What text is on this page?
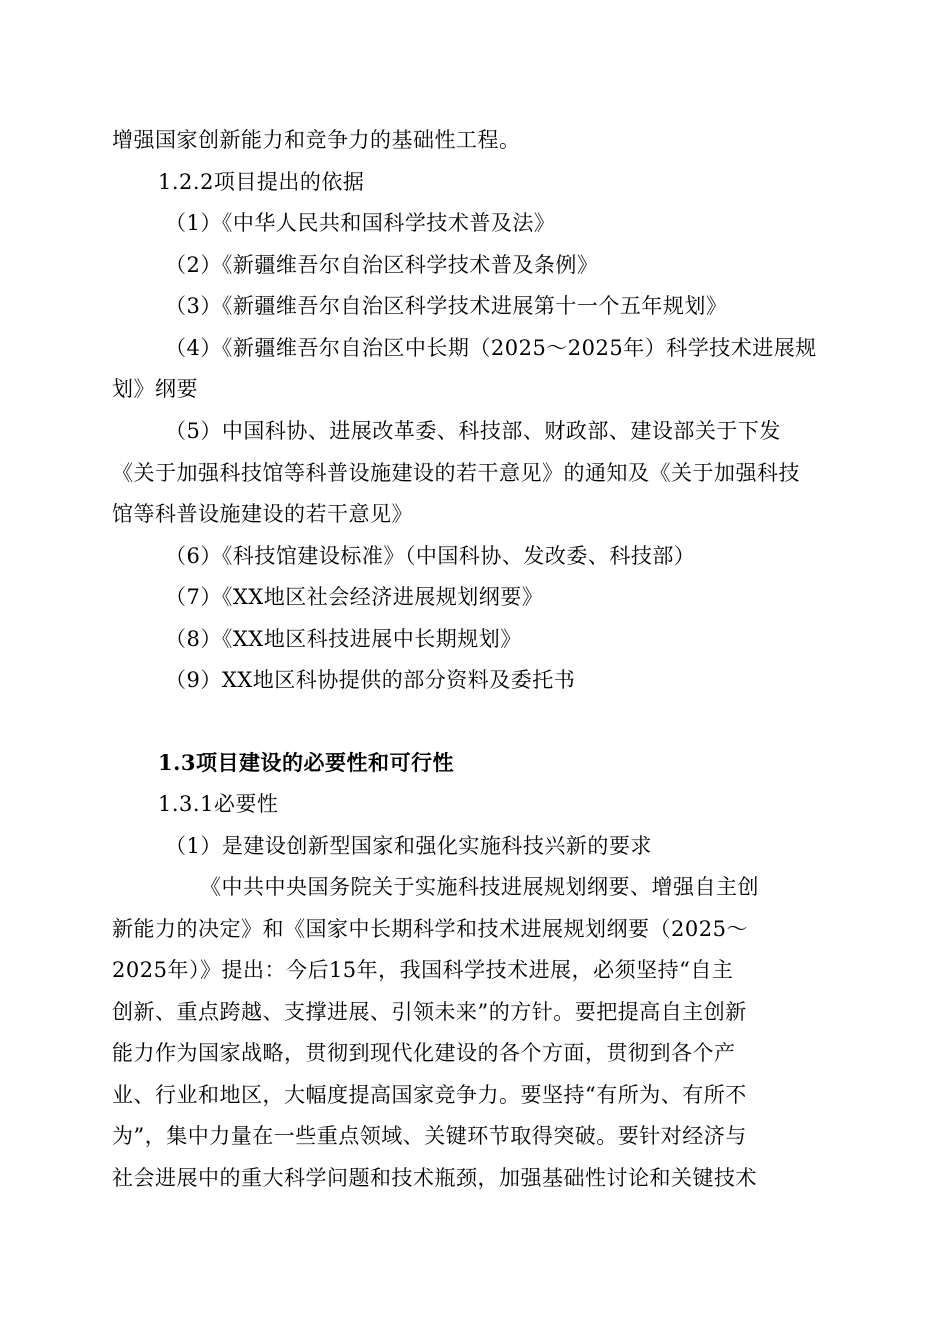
增强国家创新能力和竞争力的基础性工程。
1.2.2项目提出的依据
（1）《中华人民共和国科学技术普及法》
（2）《新疆维吾尔自治区科学技术普及条例》
（3）《新疆维吾尔自治区科学技术进展第十一个五年规划》
（4）《新疆维吾尔自治区中长期（2025～2025年）科学技术进展规
划》纲要
（5）中国科协、进展改革委、科技部、财政部、建设部关于下发
《关于加强科技馆等科普设施建设的若干意见》的通知及《关于加强科技
馆等科普设施建设的若干意见》
（6）《科技馆建设标准》（中国科协、发改委、科技部）
（7）《XX地区社会经济进展规划纲要》
（8）《XX地区科技进展中长期规划》
（9）XX地区科协提供的部分资料及委托书
1.3项目建设的必要性和可行性
1.3.1必要性
（1）是建设创新型国家和强化实施科技兴新的要求
《中共中央国务院关于实施科技进展规划纲要、增强自主创
新能力的决定》和《国家中长期科学和技术进展规划纲要（2025～
2025年）》提出：今后15年，我国科学技术进展，必须坚持“自主
创新、重点跨越、支撑进展、引领未来”的方针。要把提高自主创新
能力作为国家战略，贯彻到现代化建设的各个方面，贯彻到各个产
业、行业和地区，大幅度提高国家竞争力。要坚持“有所为、有所不
为”，集中力量在一些重点领域、关键环节取得突破。要针对经济与
社会进展中的重大科学问题和技术瓶颈，加强基础性讨论和关键技术
